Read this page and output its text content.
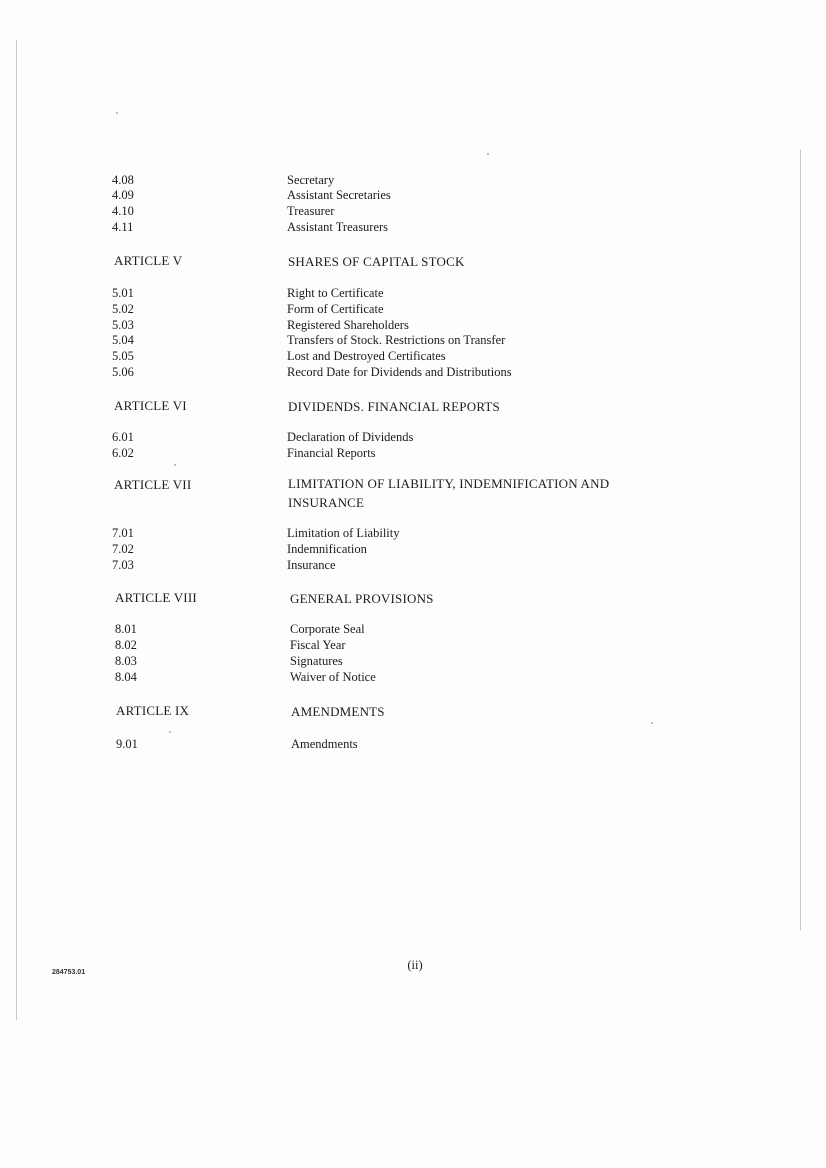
4.08	Secretary
4.09	Assistant Secretaries
4.10	Treasurer
4.11	Assistant Treasurers
ARTICLE V	SHARES OF CAPITAL STOCK
5.01	Right to Certificate
5.02	Form of Certificate
5.03	Registered Shareholders
5.04	Transfers of Stock. Restrictions on Transfer
5.05	Lost and Destroyed Certificates
5.06	Record Date for Dividends and Distributions
ARTICLE VI	DIVIDENDS. FINANCIAL REPORTS
6.01	Declaration of Dividends
6.02	Financial Reports
ARTICLE VII	LIMITATION OF LIABILITY, INDEMNIFICATION AND INSURANCE
7.01	Limitation of Liability
7.02	Indemnification
7.03	Insurance
ARTICLE VIII	GENERAL PROVISIONS
8.01	Corporate Seal
8.02	Fiscal Year
8.03	Signatures
8.04	Waiver of Notice
ARTICLE IX	AMENDMENTS
9.01	Amendments
284753.01
(ii)
